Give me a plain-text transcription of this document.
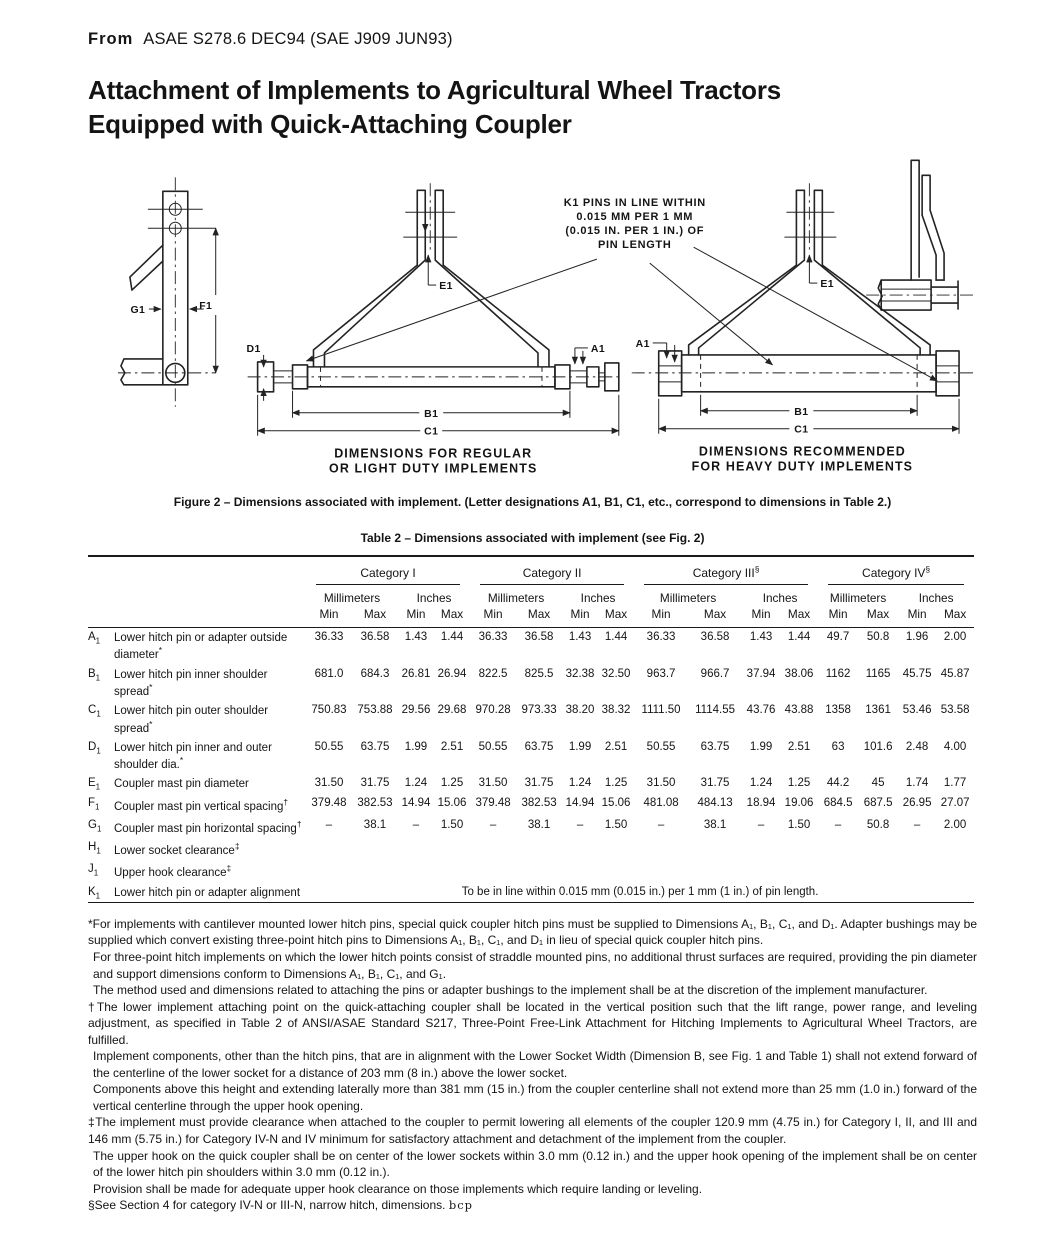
From ASAE S278.6 DEC94 (SAE J909 JUN93)
Attachment of Implements to Agricultural Wheel Tractors
Equipped with Quick-Attaching Coupler
F1
G1
K1 PINS IN LINE WITHIN
0.015 MM PER 1 MM
(0.015 IN. PER 1 IN.) OF
PIN LENGTH
D1
E1
A1
B1
C1
DIMENSIONS FOR REGULAR
OR LIGHT DUTY IMPLEMENTS
E1
A1
B1
C1
DIMENSIONS RECOMMENDED
FOR HEAVY DUTY IMPLEMENTS
Figure 2 – Dimensions associated with implement. (Letter designations A1, B1, C1, etc., correspond to dimensions in Table 2.)
Table 2 – Dimensions associated with implement (see Fig. 2)

		Category I				Category II				Category III§				Category IV§

		Millimeters		Inches		Millimeters		Inches		Millimeters		Inches		Millimeters		Inches	
		Min	Max	Min	Max	Min	Max	Min	Max	Min	Max	Min	Max	Min	Max	Min	Max
$A_1$	Lower hitch pin or adapter outside diameter*	36.33	36.58	1.43	1.44	36.33	36.58	1.43	1.44	36.33	36.58	1.43	1.44	49.7	50.8	1.96	2.00
$B_1$	Lower hitch pin inner shoulder spread*	681.0	684.3	26.81	26.94	822.5	825.5	32.38	32.50	963.7	966.7	37.94	38.06	1162	1165	45.75	45.87
$C_1$	Lower hitch pin outer shoulder spread*	750.83	753.88	29.56	29.68	970.28	973.33	38.20	38.32	1111.50	1114.55	43.76	43.88	1358	1361	53.46	53.58
$D_1$	Lower hitch pin inner and outer shoulder dia.*	50.55	63.75	1.99	2.51	50.55	63.75	1.99	2.51	50.55	63.75	1.99	2.51	63	101.6	2.48	4.00
$E_1$	Coupler mast pin diameter	31.50	31.75	1.24	1.25	31.50	31.75	1.24	1.25	31.50	31.75	1.24	1.25	44.2	45	1.74	1.77
$F_1$	Coupler mast pin vertical spacing†	379.48	382.53	14.94	15.06	379.48	382.53	14.94	15.06	481.08	484.13	18.94	19.06	684.5	687.5	26.95	27.07
$G_1$	Coupler mast pin horizontal spacing†	–	38.1	–	1.50	–	38.1	–	1.50	–	38.1	–	1.50	–	50.8	–	2.00
$H_1$	Lower socket clearance‡																
$J_1$	Upper hook clearance‡																
$K_1$	Lower hitch pin or adapter alignment	To be in line within 0.015 mm (0.015 in.) per 1 mm (1 in.) of pin length.															

*For implements with cantilever mounted lower hitch pins, special quick coupler hitch pins must be supplied to Dimensions A₁, B₁, C₁, and D₁. Adapter bushings may be supplied which convert existing three-point hitch pins to Dimensions A₁, B₁, C₁, and D₁ in lieu of special quick coupler hitch pins.

For three-point hitch implements on which the lower hitch points consist of straddle mounted pins, no additional thrust surfaces are required, providing the pin diameter and support dimensions conform to Dimensions A₁, B₁, C₁, and G₁.

The method used and dimensions related to attaching the pins or adapter bushings to the implement shall be at the discretion of the implement manufacturer.

†The lower implement attaching point on the quick-attaching coupler shall be located in the vertical position such that the lift range, power range, and leveling adjustment, as specified in Table 2 of ANSI/ASAE Standard S217, Three-Point Free-Link Attachment for Hitching Implements to Agricultural Wheel Tractors, are fulfilled.

Implement components, other than the hitch pins, that are in alignment with the Lower Socket Width (Dimension B, see Fig. 1 and Table 1) shall not extend forward of the centerline of the lower socket for a distance of 203 mm (8 in.) above the lower socket.

Components above this height and extending laterally more than 381 mm (15 in.) from the coupler centerline shall not extend more than 25 mm (1.0 in.) forward of the vertical centerline through the upper hook opening.

‡The implement must provide clearance when attached to the coupler to permit lowering all elements of the coupler 120.9 mm (4.75 in.) for Category I, II, and III and 146 mm (5.75 in.) for Category IV-N and IV minimum for satisfactory attachment and detachment of the implement from the coupler.

The upper hook on the quick coupler shall be on center of the lower sockets within 3.0 mm (0.12 in.) and the upper hook opening of the implement shall be on center of the lower hitch pin shoulders within 3.0 mm (0.12 in.).

Provision shall be made for adequate upper hook clearance on those implements which require landing or leveling.

§See Section 4 for category IV-N or III-N, narrow hitch, dimensions. bcp
